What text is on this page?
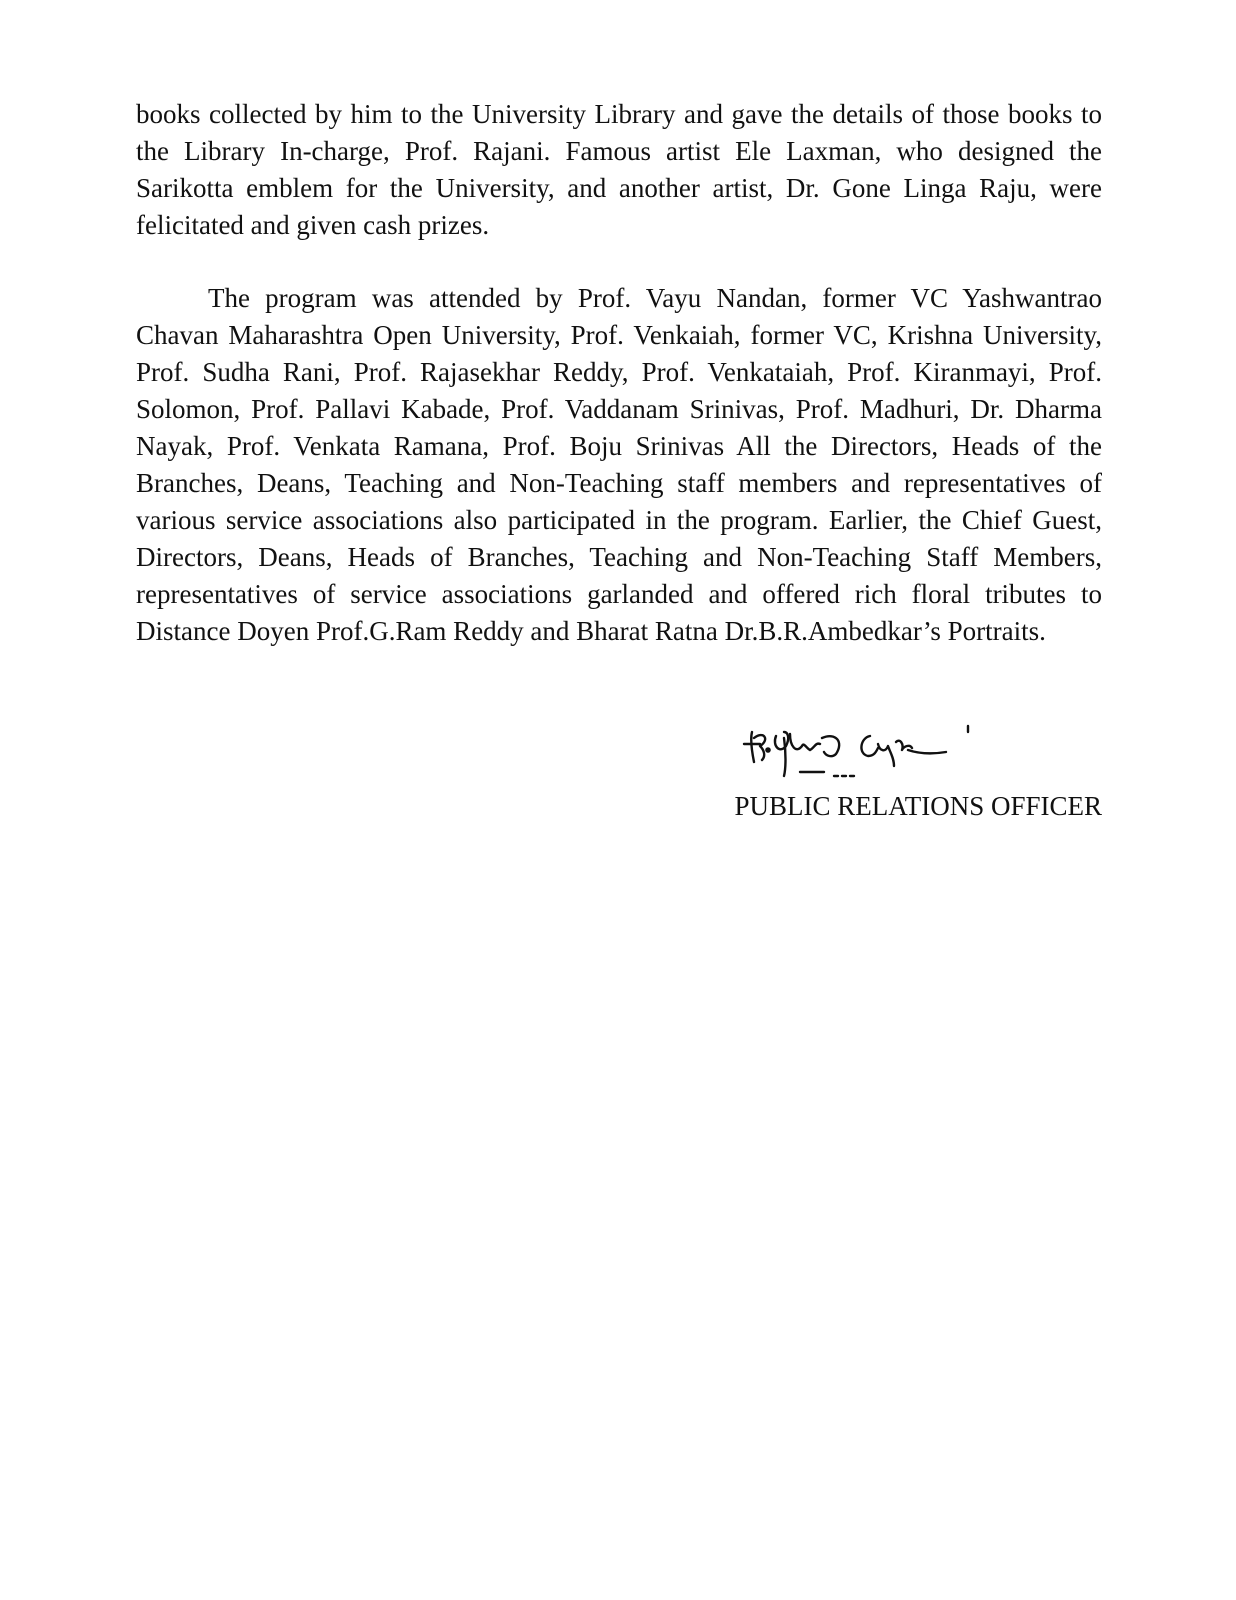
books collected by him to the University Library and gave the details of those books to the Library In-charge, Prof. Rajani. Famous artist Ele Laxman, who designed the Sarikotta emblem for the University, and another artist, Dr. Gone Linga Raju, were felicitated and given cash prizes.

The program was attended by Prof. Vayu Nandan, former VC Yashwantrao Chavan Maharashtra Open University, Prof. Venkaiah, former VC, Krishna University, Prof. Sudha Rani, Prof. Rajasekhar Reddy, Prof. Venkataiah, Prof. Kiranmayi, Prof. Solomon, Prof. Pallavi Kabade, Prof. Vaddanam Srinivas, Prof. Madhuri, Dr. Dharma Nayak, Prof. Venkata Ramana, Prof. Boju Srinivas All the Directors, Heads of the Branches, Deans, Teaching and Non-Teaching staff members and representatives of various service associations also participated in the program. Earlier, the Chief Guest, Directors, Deans, Heads of Branches, Teaching and Non-Teaching Staff Members, representatives of service associations garlanded and offered rich floral tributes to Distance Doyen Prof.G.Ram Reddy and Bharat Ratna Dr.B.R.Ambedkar’s Portraits.

PUBLIC RELATIONS OFFICER
